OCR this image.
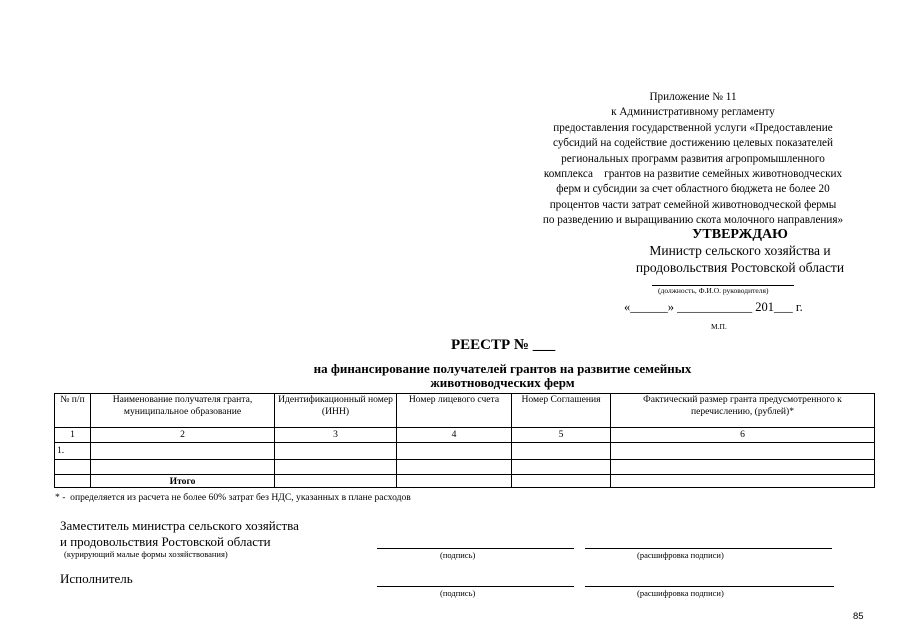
Приложение № 11
к Административному регламенту
предоставления государственной услуги «Предоставление
субсидий на содействие достижению целевых показателей
региональных программ развития агропромышленного
комплекса    грантов на развитие семейных животноводческих
ферм и субсидии за счет областного бюджета не более 20
процентов части затрат семейной животноводческой фермы
по разведению и выращиванию скота молочного направления»
УТВЕРЖДАЮ
Министр сельского хозяйства и
продовольствия Ростовской области
(должность, Ф.И.О. руководителя)
«______» ____________ 201___ г.
М.П.
РЕЕСТР № ___
на финансирование получателей грантов на развитие семейных
животноводческих ферм
№ п/п	Наименование получателя гранта, муниципальное образование	Идентификационный номер (ИНН)	Номер лицевого счета	Номер Соглашения	Фактический размер гранта предусмотренного к перечислению, (рублей)*
1	2	3	4	5	6
1.					

	Итого				
* -  определяется из расчета не более 60% затрат без НДС, указанных в плане расходов
Заместитель министра сельского хозяйства
и продовольствия Ростовской области
(курирующий малые формы хозяйствования)	(подпись)	(расшифровка подписи)
Исполнитель
(подпись)	(расшифровка подписи)
85
